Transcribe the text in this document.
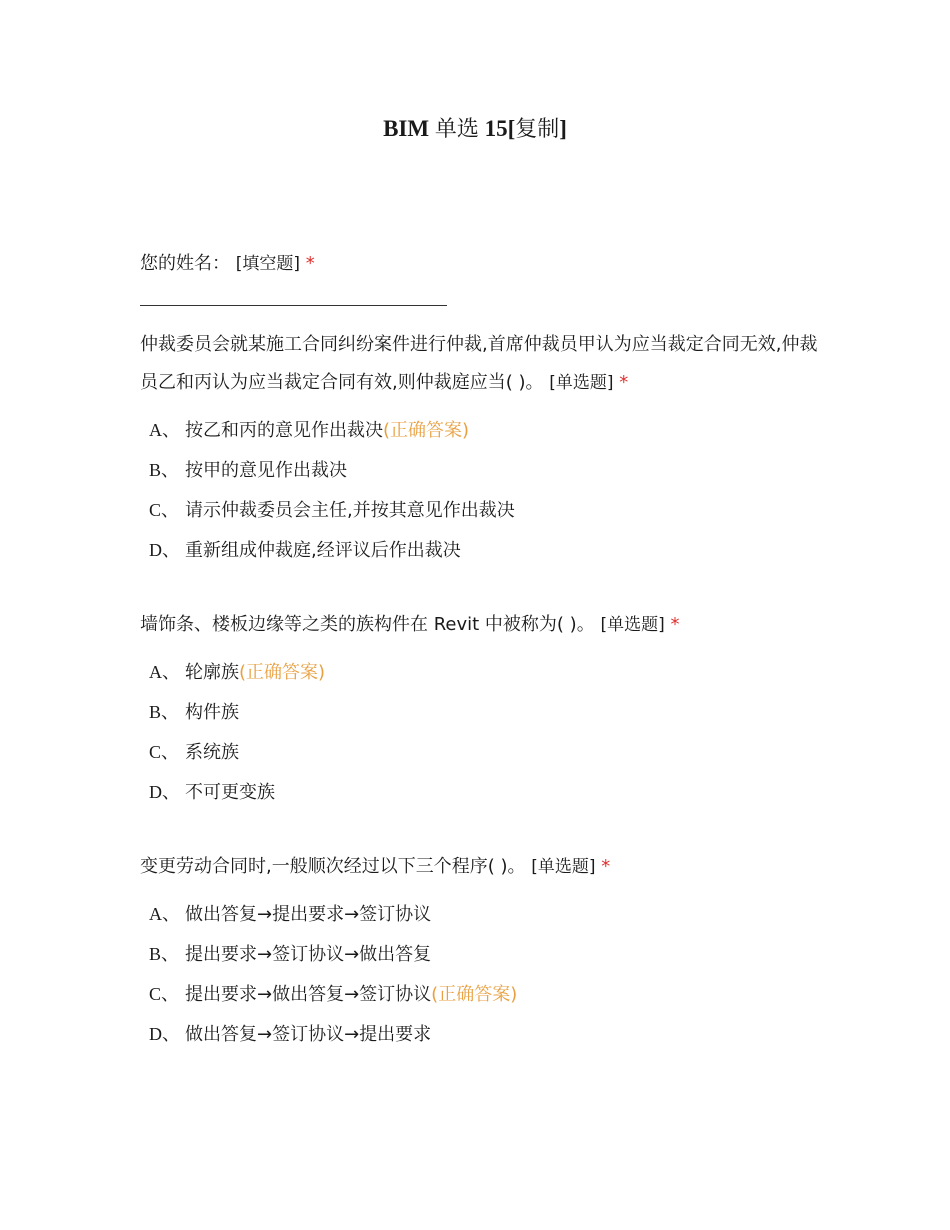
BIM 单选 15[复制]
您的姓名： [填空题] *
仲裁委员会就某施工合同纠纷案件进行仲裁,首席仲裁员甲认为应当裁定合同无效,仲裁员乙和丙认为应当裁定合同有效,则仲裁庭应当( )。 [单选题] *
A、 按乙和丙的意见作出裁决(正确答案)
B、 按甲的意见作出裁决
C、 请示仲裁委员会主任,并按其意见作出裁决
D、 重新组成仲裁庭,经评议后作出裁决
墙饰条、楼板边缘等之类的族构件在 Revit 中被称为( )。 [单选题] *
A、 轮廓族(正确答案)
B、 构件族
C、 系统族
D、 不可更变族
变更劳动合同时,一般顺次经过以下三个程序( )。 [单选题] *
A、 做出答复→提出要求→签订协议
B、 提出要求→签订协议→做出答复
C、 提出要求→做出答复→签订协议(正确答案)
D、 做出答复→签订协议→提出要求
